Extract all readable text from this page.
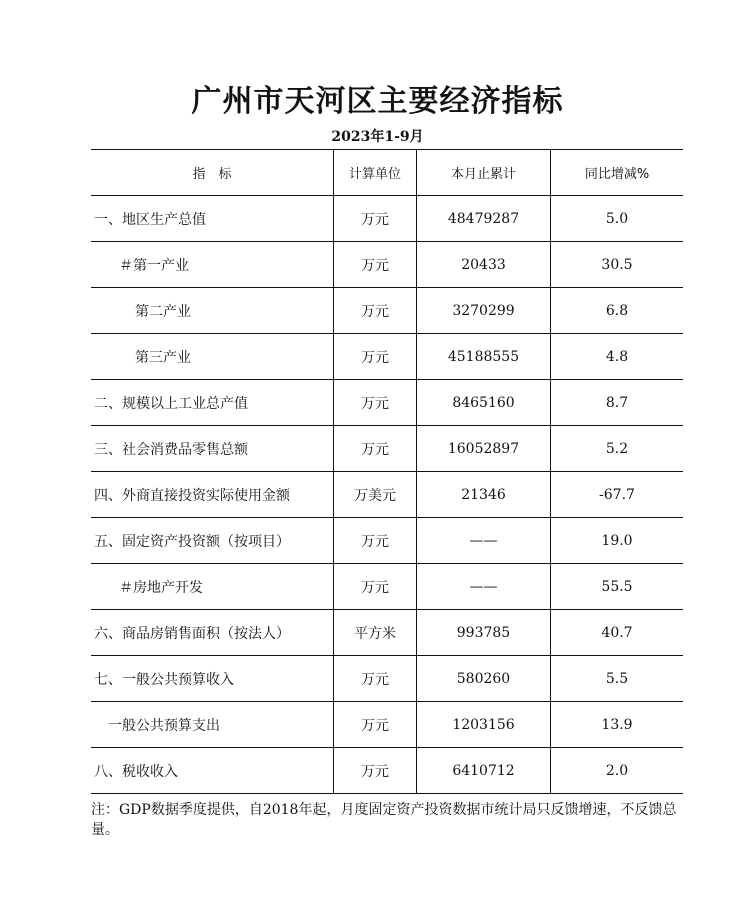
广州市天河区主要经济指标
2023年1-9月
指　标	计算单位	本月止累计	同比增减%
一、地区生产总值	万元	48479287	5.0
＃第一产业	万元	20433	30.5
第二产业	万元	3270299	6.8
第三产业	万元	45188555	4.8
二、规模以上工业总产值	万元	8465160	8.7
三、社会消费品零售总额	万元	16052897	5.2
四、外商直接投资实际使用金额	万美元	21346	-67.7
五、固定资产投资额（按项目）	万元	——	19.0
＃房地产开发	万元	——	55.5
六、商品房销售面积（按法人）	平方米	993785	40.7
七、一般公共预算收入	万元	580260	5.5
一般公共预算支出	万元	1203156	13.9
八、税收收入	万元	6410712	2.0
注：GDP数据季度提供，自2018年起，月度固定资产投资数据市统计局只反馈增速，不反馈总量。
